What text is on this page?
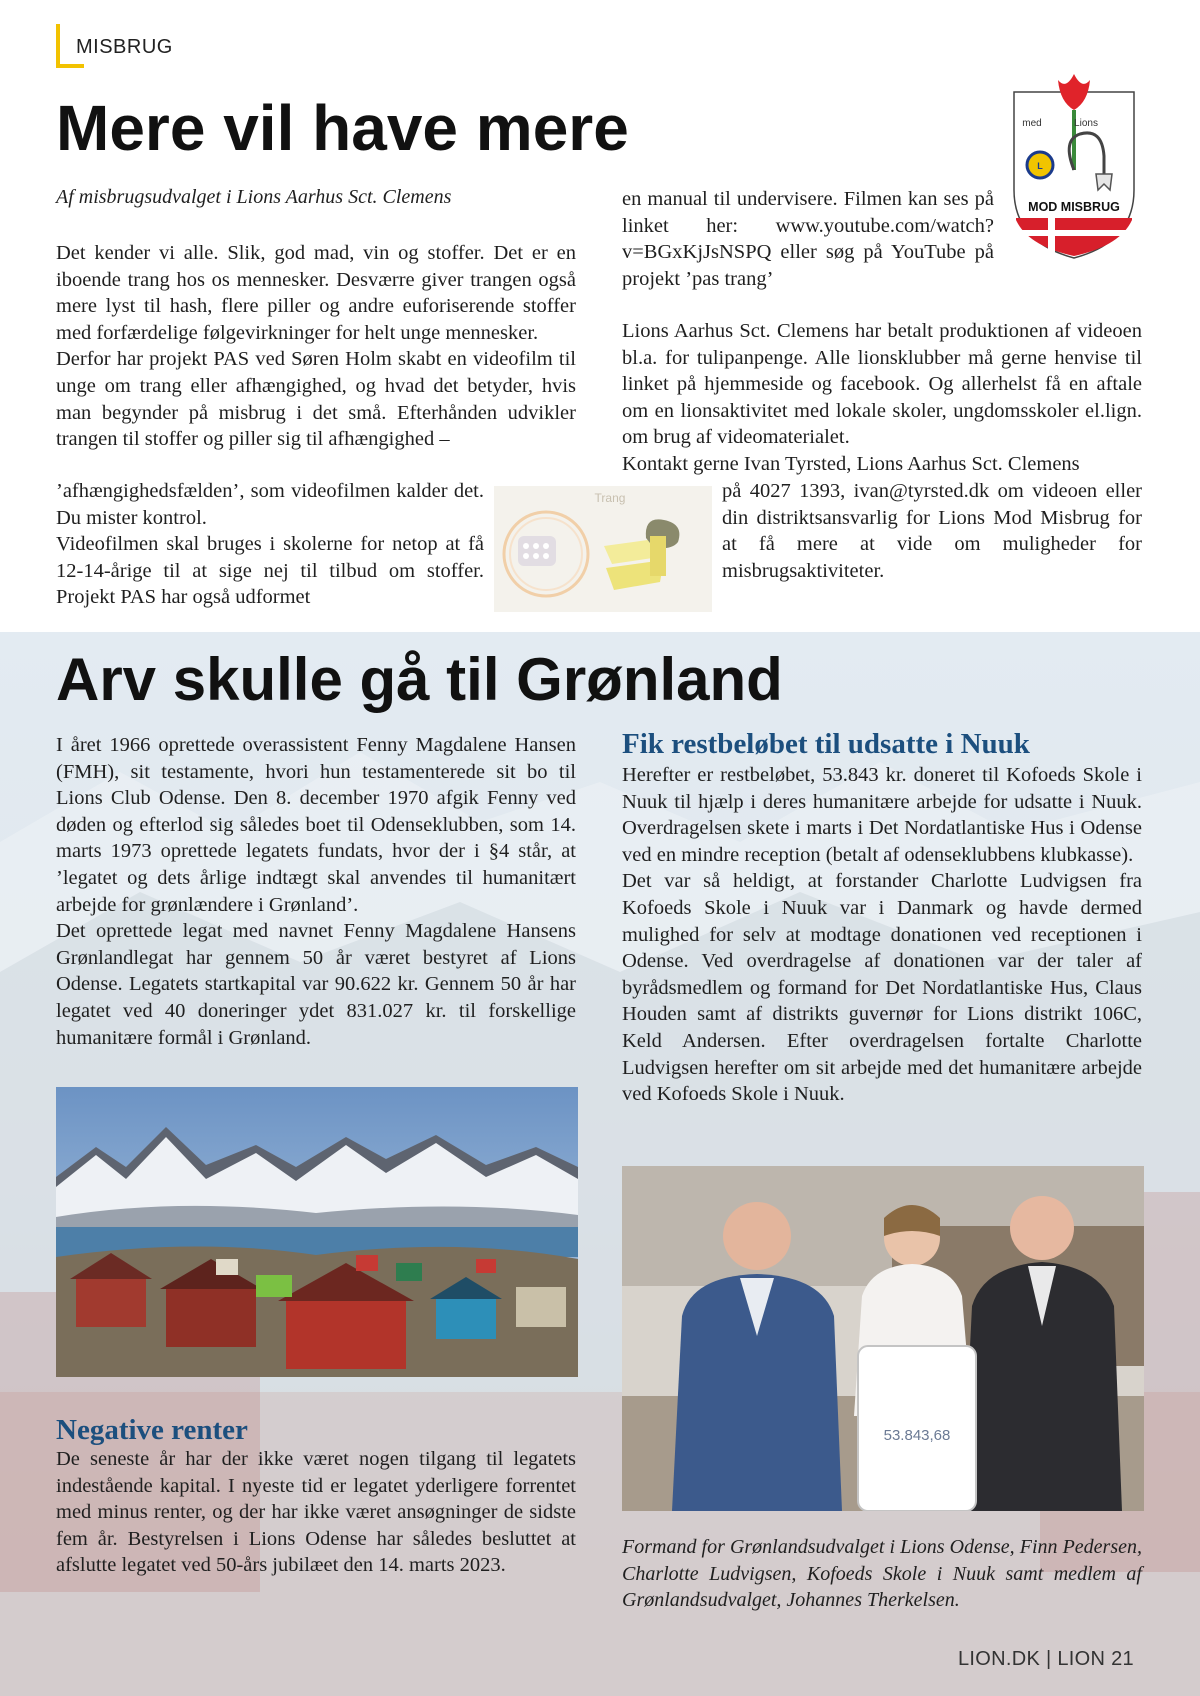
MISBRUG
Mere vil have mere
Af misbrugsudvalget i Lions Aarhus Sct. Clemens

Det kender vi alle. Slik, god mad, vin og stoffer. Det er en iboende trang hos os mennesker. Desværre giver trangen også mere lyst til hash, flere piller og andre euforiserende stoffer med forfærdelige følgevirkninger for helt unge mennesker.

Derfor har projekt PAS ved Søren Holm skabt en videofilm til unge om trang eller afhængighed, og hvad det betyder, hvis man begynder på misbrug i det små. Efterhånden udvikler trangen til stoffer og piller sig til afhængighed –

’afhængighedsfælden’, som videofilmen kalder det. Du mister kontrol.

Videofilmen skal bruges i skolerne for netop at få 12-14-årige til at sige nej til tilbud om stoffer. Projekt PAS har også udformet

en manual til undervisere. Filmen kan ses på linket her: www.youtube.com/watch?v=BGxKjJsNSPQ eller søg på YouTube på projekt ’pas trang’

Lions Aarhus Sct. Clemens har betalt produktionen af videoen bl.a. for tulipanpenge. Alle lionsklubber må gerne henvise til linket på hjemmeside og facebook. Og allerhelst få en aftale om en lionsaktivitet med lokale skoler, ungdomsskoler el.lign. om brug af videomaterialet.

Kontakt gerne Ivan Tyrsted, Lions Aarhus Sct. Clemens

på 4027 1393, ivan@tyrsted.dk om videoen eller din distriktsansvarlig for Lions Mod Misbrug for at få mere at vide om muligheder for misbrugsaktiviteter.
L
med	Lions
MOD MISBRUG
Trang
Arv skulle gå til Grønland

I året 1966 oprettede overassistent Fenny Magdalene Hansen (FMH), sit testamente, hvori hun testamenterede sit bo til Lions Club Odense. Den 8. december 1970 afgik Fenny ved døden og efterlod sig således boet til Odenseklubben, som 14. marts 1973 oprettede legatets fundats, hvor der i §4 står, at ’legatet og dets årlige indtægt skal anvendes til humanitært arbejde for grønlændere i Grønland’.

Det oprettede legat med navnet Fenny Magdalene Hansens Grønlandlegat har gennem 50 år været bestyret af Lions Odense. Legatets startkapital var 90.622 kr. Gennem 50 år har legatet ved 40 doneringer ydet 831.027 kr. til forskellige humanitære formål i Grønland.

Fik restbeløbet til udsatte i Nuuk

Herefter er restbeløbet, 53.843 kr. doneret til Kofoeds Skole i Nuuk til hjælp i deres humanitære arbejde for udsatte i Nuuk. Overdragelsen skete i marts i Det Nordatlantiske Hus i Odense ved en mindre reception (betalt af odenseklubbens klubkasse).

Det var så heldigt, at forstander Charlotte Ludvigsen fra Kofoeds Skole i Nuuk var i Danmark og havde dermed mulighed for selv at modtage donationen ved receptionen i Odense. Ved overdragelse af donationen var der taler af byrådsmedlem og formand for Det Nordatlantiske Hus, Claus Houden samt af distrikts guvernør for Lions distrikt 106C, Keld Andersen. Efter overdragelsen fortalte Charlotte Ludvigsen herefter om sit arbejde med det humanitære arbejde ved Kofoeds Skole i Nuuk.

53.843,68
Negative renter
De seneste år har der ikke været nogen tilgang til legatets indestående kapital. I nyeste tid er legatet yderligere forrentet med minus renter, og der har ikke været ansøgninger de sidste fem år. Bestyrelsen i Lions Odense har således besluttet at afslutte legatet ved 50-års jubilæet den 14. marts 2023.

Formand for Grønlandsudvalget i Lions Odense, Finn Pedersen, Charlotte Ludvigsen, Kofoeds Skole i Nuuk samt medlem af Grønlandsudvalget, Johannes Therkelsen.

LION.DK | LION 21
